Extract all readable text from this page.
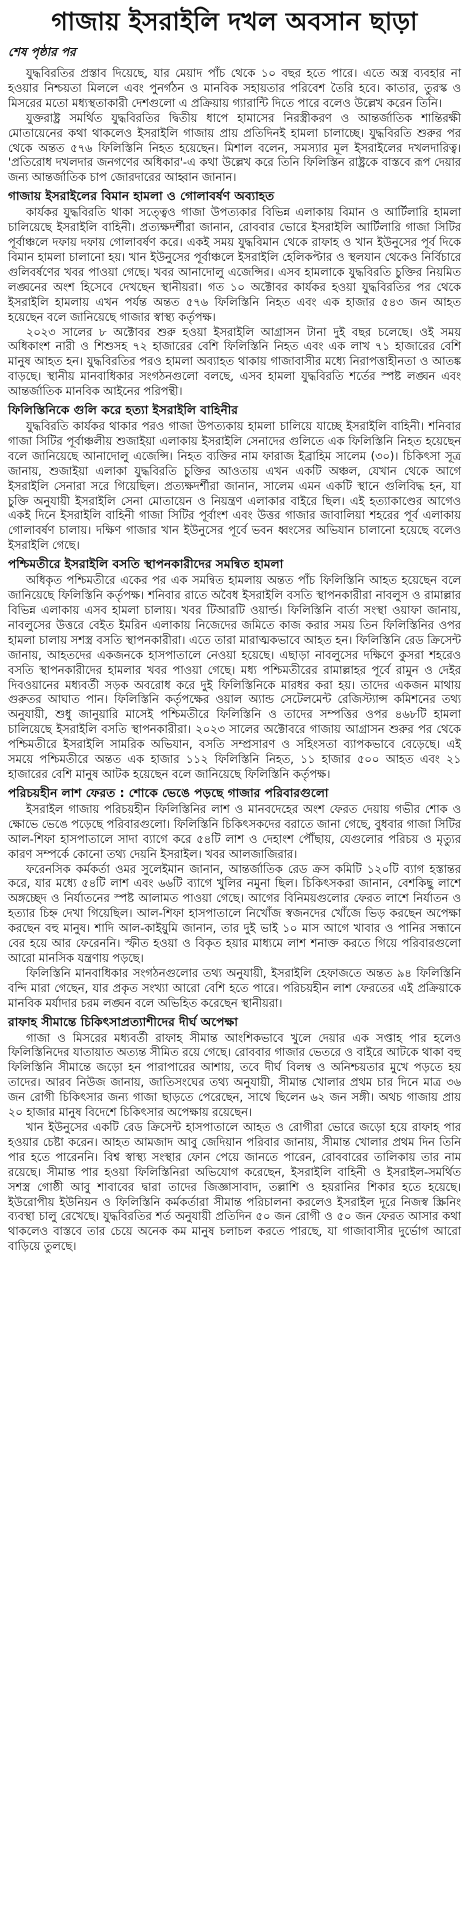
গাজায় ইসরাইলি দখল অবসান ছাড়া
শেষ পৃষ্ঠার পর

যুদ্ধবিরতির প্রস্তাব দিয়েছে, যার মেয়াদ পাঁচ থেকে ১০ বছর হতে পারে। এতে অস্ত্র ব্যবহার না হওয়ার নিশ্চয়তা মিললে এবং পুনর্গঠন ও মানবিক সহায়তার পরিবেশ তৈরি হবে। কাতার, তুরস্ক ও মিসরের মতো মধ্যস্থতাকারী দেশগুলো এ প্রক্রিয়ায় গ্যারান্টি দিতে পারে বলেও উল্লেখ করেন তিনি।

যুক্তরাষ্ট্র সমর্থিত যুদ্ধবিরতির দ্বিতীয় ধাপে হামাসের নিরস্ত্রীকরণ ও আন্তর্জাতিক শান্তিরক্ষী মোতায়েনের কথা থাকলেও ইসরাইলি গাজায় প্রায় প্রতিদিনই হামলা চালাচ্ছে। যুদ্ধবিরতি শুরুর পর থেকে অন্তত ৫৭৬ ফিলিস্তিনি নিহত হয়েছেন। মিশাল বলেন, সমস্যার মূল ইসরাইলের দখলদারিত্ব। 'প্রতিরোধ দখলদার জনগণের অধিকার'-এ কথা উল্লেখ করে তিনি ফিলিস্তিন রাষ্ট্রকে বাস্তবে রূপ দেয়ার জন্য আন্তর্জাতিক চাপ জোরদারের আহ্বান জানান।

গাজায় ইসরাইলের বিমান হামলা ও গোলাবর্ষণ অব্যাহত

কার্যকর যুদ্ধবিরতি থাকা সত্ত্বেও গাজা উপত্যকার বিভিন্ন এলাকায় বিমান ও আর্টিলারি হামলা চালিয়েছে ইসরাইলি বাহিনী। প্রত্যক্ষদর্শীরা জানান, রোববার ভোরে ইসরাইলি আর্টিলারি গাজা সিটির পূর্বাঞ্চলে দফায় দফায় গোলাবর্ষণ করে। একই সময় যুদ্ধবিমান থেকে রাফাহ ও খান ইউনুসের পূর্ব দিকে বিমান হামলা চালানো হয়। খান ইউনুসের পূর্বাঞ্চলে ইসরাইলি হেলিকপ্টার ও স্থলযান থেকেও নির্বিচারে গুলিবর্ষণের খবর পাওয়া গেছে। খবর আনাদোলু এজেন্সির। এসব হামলাকে যুদ্ধবিরতি চুক্তির নিয়মিত লঙ্ঘনের অংশ হিসেবে দেখছেন স্থানীয়রা। গত ১০ অক্টোবর কার্যকর হওয়া যুদ্ধবিরতির পর থেকে ইসরাইলি হামলায় এখন পর্যন্ত অন্তত ৫৭৬ ফিলিস্তিনি নিহত এবং এক হাজার ৫৪৩ জন আহত হয়েছেন বলে জানিয়েছে গাজার স্বাস্থ্য কর্তৃপক্ষ।

২০২৩ সালের ৮ অক্টোবর শুরু হওয়া ইসরাইলি আগ্রাসন টানা দুই বছর চলেছে। ওই সময় অধিকাংশ নারী ও শিশুসহ ৭২ হাজারের বেশি ফিলিস্তিনি নিহত এবং এক লাখ ৭১ হাজারের বেশি মানুষ আহত হন। যুদ্ধবিরতির পরও হামলা অব্যাহত থাকায় গাজাবাসীর মধ্যে নিরাপত্তাহীনতা ও আতঙ্ক বাড়ছে। স্থানীয় মানবাধিকার সংগঠনগুলো বলছে, এসব হামলা যুদ্ধবিরতি শর্তের স্পষ্ট লঙ্ঘন এবং আন্তর্জাতিক মানবিক আইনের পরিপন্থী।

ফিলিস্তিনিকে গুলি করে হত্যা ইসরাইলি বাহিনীর

যুদ্ধবিরতি কার্যকর থাকার পরও গাজা উপত্যকায় হামলা চালিয়ে যাচ্ছে ইসরাইলি বাহিনী। শনিবার গাজা সিটির পূর্বাঞ্চলীয় শুজাইয়া এলাকায় ইসরাইলি সেনাদের গুলিতে এক ফিলিস্তিনি নিহত হয়েছেন বলে জানিয়েছে আনাদোলু এজেন্সি। নিহত ব্যক্তির নাম ফারাজ ইব্রাহিম সালেম (৩০)। চিকিৎসা সূত্র জানায়, শুজাইয়া এলাকা যুদ্ধবিরতি চুক্তির আওতায় এখন একটি অঞ্চল, যেখান থেকে আগে ইসরাইলি সেনারা সরে গিয়েছিল। প্রত্যক্ষদর্শীরা জানান, সালেম এমন একটি স্থানে গুলিবিদ্ধ হন, যা চুক্তি অনুযায়ী ইসরাইলি সেনা মোতায়েন ও নিয়ন্ত্রণ এলাকার বাইরে ছিল। এই হত্যাকাণ্ডের আগেও একই দিনে ইসরাইলি বাহিনী গাজা সিটির পূর্বাংশ এবং উত্তর গাজার জাবালিয়া শহরের পূর্ব এলাকায় গোলাবর্ষণ চালায়। দক্ষিণ গাজার খান ইউনুসের পূর্বে ভবন ধ্বংসের অভিযান চালানো হয়েছে বলেও ইসরাইলি গেছে।

পশ্চিমতীরে ইসরাইলি বসতি স্থাপনকারীদের সমন্বিত হামলা

অধিকৃত পশ্চিমতীরে একের পর এক সমন্বিত হামলায় অন্তত পাঁচ ফিলিস্তিনি আহত হয়েছেন বলে জানিয়েছে ফিলিস্তিনি কর্তৃপক্ষ। শনিবার রাতে অবৈধ ইসরাইলি বসতি স্থাপনকারীরা নাবলুস ও রামাল্লার বিভিন্ন এলাকায় এসব হামলা চালায়। খবর টিআরটি ওয়ার্ল্ড। ফিলিস্তিনি বার্তা সংস্থা ওয়াফা জানায়, নাবলুসের উত্তরে বেইত ইমরিন এলাকায় নিজেদের জমিতে কাজ করার সময় তিন ফিলিস্তিনির ওপর হামলা চালায় সশস্ত্র বসতি স্থাপনকারীরা। এতে তারা মারাত্মকভাবে আহত হন। ফিলিস্তিনি রেড ক্রিসেন্ট জানায়, আহতদের একজনকে হাসপাতালে নেওয়া হয়েছে। এছাড়া নাবলুসের দক্ষিণে কুসরা শহরেও বসতি স্থাপনকারীদের হামলার খবর পাওয়া গেছে। মধ্য পশ্চিমতীরের রামাল্লাহর পূর্বে রামুন ও দেইর দিবওয়ানের মধ্যবর্তী সড়ক অবরোধ করে দুই ফিলিস্তিনিকে মারধর করা হয়। তাদের একজন মাথায় গুরুতর আঘাত পান। ফিলিস্তিনি কর্তৃপক্ষের ওয়াল অ্যান্ড সেটেলমেন্ট রেজিস্ট্যান্স কমিশনের তথ্য অনুযায়ী, শুধু জানুয়ারি মাসেই পশ্চিমতীরে ফিলিস্তিনি ও তাদের সম্পত্তির ওপর ৪৬৮টি হামলা চালিয়েছে ইসরাইলি বসতি স্থাপনকারীরা। ২০২৩ সালের অক্টোবরে গাজায় আগ্রাসন শুরুর পর থেকে পশ্চিমতীরে ইসরাইলি সামরিক অভিযান, বসতি সম্প্রসারণ ও সহিংসতা ব্যাপকভাবে বেড়েছে। এই সময়ে পশ্চিমতীরে অন্তত এক হাজার ১১২ ফিলিস্তিনি নিহত, ১১ হাজার ৫০০ আহত এবং ২১ হাজারের বেশি মানুষ আটক হয়েছেন বলে জানিয়েছে ফিলিস্তিনি কর্তৃপক্ষ।

পরিচয়হীন লাশ ফেরত : শোকে ভেঙে পড়ছে গাজার পরিবারগুলো

ইসরাইল গাজায় পরিচয়হীন ফিলিস্তিনির লাশ ও মানবদেহের অংশ ফেরত দেয়ায় গভীর শোক ও ক্ষোভে ভেঙে পড়েছে পরিবারগুলো। ফিলিস্তিনি চিকিৎসকদের বরাতে জানা গেছে, বুধবার গাজা সিটির আল-শিফা হাসপাতালে সাদা ব্যাগে করে ৫৪টি লাশ ও দেহাংশ পৌঁছায়, যেগুলোর পরিচয় ও মৃত্যুর কারণ সম্পর্কে কোনো তথ্য দেয়নি ইসরাইল। খবর আলজাজিরার।

ফরেনসিক কর্মকর্তা ওমর সুলেইমান জানান, আন্তর্জাতিক রেড ক্রস কমিটি ১২০টি ব্যাগ হস্তান্তর করে, যার মধ্যে ৫৪টি লাশ এবং ৬৬টি ব্যাগে খুলির নমুনা ছিল। চিকিৎসকরা জানান, বেশকিছু লাশে অঙ্গচ্ছেদ ও নির্যাতনের স্পষ্ট আলামত পাওয়া গেছে। আগের বিনিময়গুলোর ফেরত লাশে নির্যাতন ও হত্যার চিহ্ন দেখা গিয়েছিল। আল-শিফা হাসপাতালে নিখোঁজ স্বজনদের খোঁজে ভিড় করছেন অপেক্ষা করছেন বহু মানুষ। শাদি আল-কাইয়ুমি জানান, তার দুই ভাই ১০ মাস আগে খাবার ও পানির সন্ধানে বের হয়ে আর ফেরেননি। স্ফীত হওয়া ও বিকৃত হয়ার মাধ্যমে লাশ শনাক্ত করতে গিয়ে পরিবারগুলো আরো মানসিক যন্ত্রণায় পড়ছে।

ফিলিস্তিনি মানবাধিকার সংগঠনগুলোর তথ্য অনুযায়ী, ইসরাইলি হেফাজতে অন্তত ৯৪ ফিলিস্তিনি বন্দি মারা গেছেন, যার প্রকৃত সংখ্যা আরো বেশি হতে পারে। পরিচয়হীন লাশ ফেরতের এই প্রক্রিয়াকে মানবিক মর্যাদার চরম লঙ্ঘন বলে অভিহিত করেছেন স্থানীয়রা।

রাফাহ সীমান্তে চিকিৎসাপ্রত্যাশীদের দীর্ঘ অপেক্ষা

গাজা ও মিসরের মধ্যবর্তী রাফাহ সীমান্ত আংশিকভাবে খুলে দেয়ার এক সপ্তাহ পার হলেও ফিলিস্তিনিদের যাতায়াত অত্যন্ত সীমিত রয়ে গেছে। রোববার গাজার ভেতরে ও বাইরে আটকে থাকা বহু ফিলিস্তিনি সীমান্তে জড়ো হন পারাপারের আশায়, তবে দীর্ঘ বিলম্ব ও অনিশ্চয়তার মুখে পড়তে হয় তাদের। আরব নিউজ জানায়, জাতিসংঘের তথ্য অনুযায়ী, সীমান্ত খোলার প্রথম চার দিনে মাত্র ৩৬ জন রোগী চিকিৎসার জন্য গাজা ছাড়তে পেরেছেন, সাথে ছিলেন ৬২ জন সঙ্গী। অথচ গাজায় প্রায় ২০ হাজার মানুষ বিদেশে চিকিৎসার অপেক্ষায় রয়েছেন।

খান ইউনুসের একটি রেড ক্রিসেন্ট হাসপাতালে আহত ও রোগীরা ভোরে জড়ো হয়ে রাফাহ পার হওয়ার চেষ্টা করেন। আহত আমজাদ আবু জেদিয়ান পরিবার জানায়, সীমান্ত খোলার প্রথম দিন তিনি পার হতে পারেননি। বিশ্ব স্বাস্থ্য সংস্থার ফোন পেয়ে জানতে পারেন, রোববারের তালিকায় তার নাম রয়েছে। সীমান্ত পার হওয়া ফিলিস্তিনিরা অভিযোগ করেছেন, ইসরাইলি বাহিনী ও ইসরাইল-সমর্থিত সশস্ত্র গোষ্ঠী আবু শাবাবের দ্বারা তাদের জিজ্ঞাসাবাদ, তল্লাশি ও হয়রানির শিকার হতে হয়েছে। ইউরোপীয় ইউনিয়ন ও ফিলিস্তিনি কর্মকর্তারা সীমান্ত পরিচালনা করলেও ইসরাইল দূরে নিজস্ব স্ক্রিনিং ব্যবস্থা চালু রেখেছে। যুদ্ধবিরতির শর্ত অনুযায়ী প্রতিদিন ৫০ জন রোগী ও ৫০ জন ফেরত আসার কথা থাকলেও বাস্তবে তার চেয়ে অনেক কম মানুষ চলাচল করতে পারছে, যা গাজাবাসীর দুর্ভোগ আরো বাড়িয়ে তুলছে।
